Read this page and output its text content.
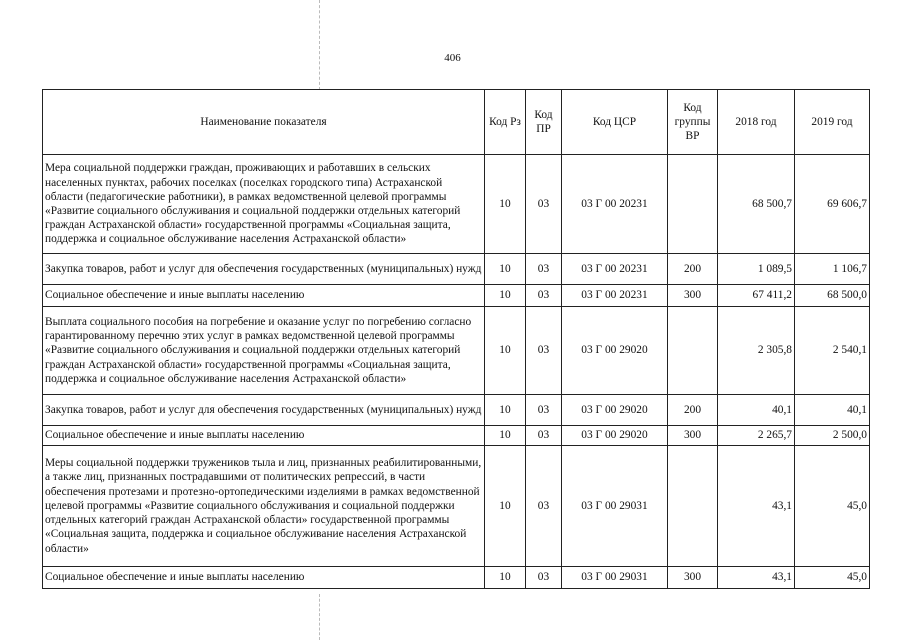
406
Наименование показателя	Код Рз	Код ПР	Код ЦСР	Код группы ВР	2018 год	2019 год
Мера социальной поддержки граждан, проживающих и работавших в сельских населенных пунктах, рабочих поселках (поселках городского типа) Астраханской области (педагогические работники), в рамках ведомственной целевой программы «Развитие социального обслуживания и социальной поддержки отдельных категорий граждан Астраханской области» государственной программы «Социальная защита, поддержка и социальное обслуживание населения Астраханской области»	10	03	03 Г 00 20231		68 500,7	69 606,7
Закупка товаров, работ и услуг для обеспечения государственных (муниципальных) нужд	10	03	03 Г 00 20231	200	1 089,5	1 106,7
Социальное обеспечение и иные выплаты населению	10	03	03 Г 00 20231	300	67 411,2	68 500,0
Выплата социального пособия на погребение и оказание услуг по погребению согласно гарантированному перечню этих услуг в рамках ведомственной целевой программы «Развитие социального обслуживания и социальной поддержки отдельных категорий граждан Астраханской области» государственной программы «Социальная защита, поддержка и социальное обслуживание населения Астраханской области»	10	03	03 Г 00 29020		2 305,8	2 540,1
Закупка товаров, работ и услуг для обеспечения государственных (муниципальных) нужд	10	03	03 Г 00 29020	200	40,1	40,1
Социальное обеспечение и иные выплаты населению	10	03	03 Г 00 29020	300	2 265,7	2 500,0
Меры социальной поддержки тружеников тыла и лиц, признанных реабилитированными, а также лиц, признанных пострадавшими от политических репрессий, в части обеспечения протезами и протезно-ортопедическими изделиями в рамках ведомственной целевой программы «Развитие социального обслуживания и социальной поддержки отдельных категорий граждан Астраханской области» государственной программы «Социальная защита, поддержка и социальное обслуживание населения Астраханской области»	10	03	03 Г 00 29031		43,1	45,0
Социальное обеспечение и иные выплаты населению	10	03	03 Г 00 29031	300	43,1	45,0
